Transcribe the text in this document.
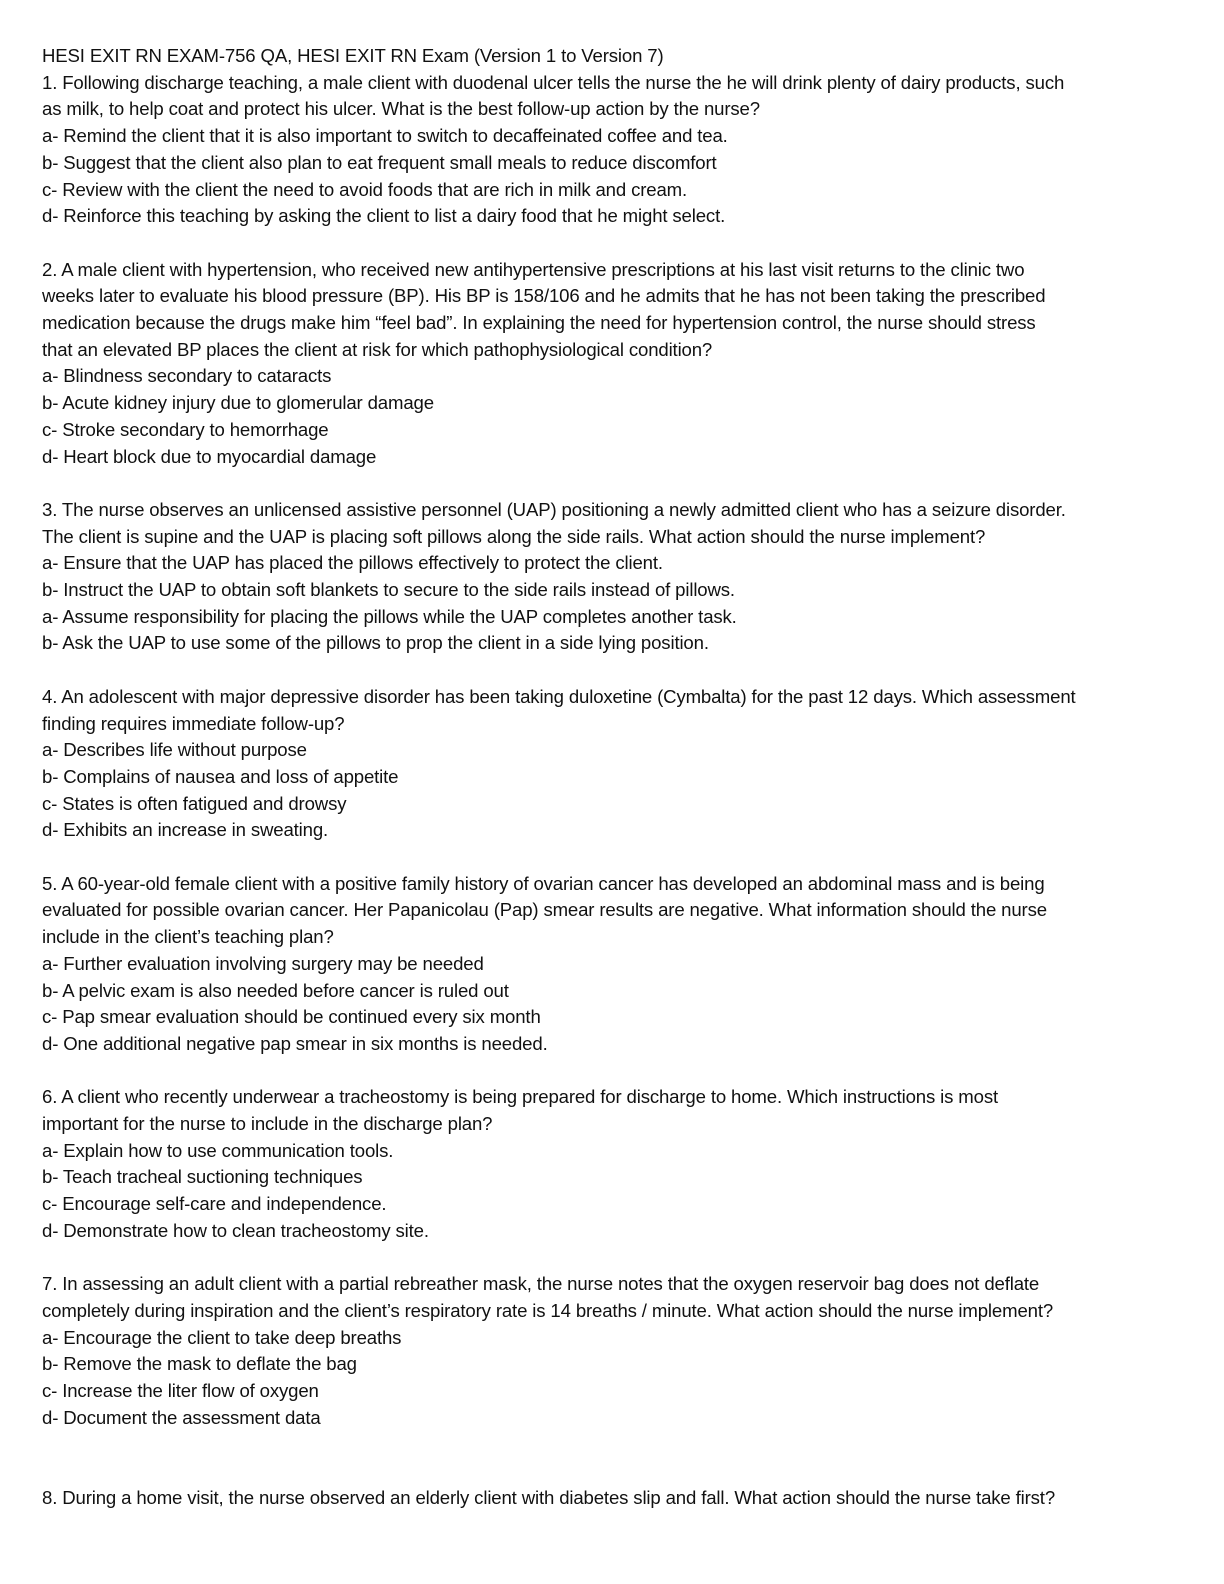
HESI EXIT RN EXAM-756 QA, HESI EXIT RN Exam (Version 1 to Version 7)
1. Following discharge teaching, a male client with duodenal ulcer tells the nurse the he will drink plenty of dairy products, such
as milk, to help coat and protect his ulcer. What is the best follow-up action by the nurse?
a- Remind the client that it is also important to switch to decaffeinated coffee and tea.
b- Suggest that the client also plan to eat frequent small meals to reduce discomfort
c- Review with the client the need to avoid foods that are rich in milk and cream.
d- Reinforce this teaching by asking the client to list a dairy food that he might select.
2. A male client with hypertension, who received new antihypertensive prescriptions at his last visit returns to the clinic two
weeks later to evaluate his blood pressure (BP). His BP is 158/106 and he admits that he has not been taking the prescribed
medication because the drugs make him “feel bad”. In explaining the need for hypertension control, the nurse should stress
that an elevated BP places the client at risk for which pathophysiological condition?
a- Blindness secondary to cataracts
b- Acute kidney injury due to glomerular damage
c- Stroke secondary to hemorrhage
d- Heart block due to myocardial damage
3. The nurse observes an unlicensed assistive personnel (UAP) positioning a newly admitted client who has a seizure disorder.
The client is supine and the UAP is placing soft pillows along the side rails. What action should the nurse implement?
a- Ensure that the UAP has placed the pillows effectively to protect the client.
b- Instruct the UAP to obtain soft blankets to secure to the side rails instead of pillows.
a- Assume responsibility for placing the pillows while the UAP completes another task.
b- Ask the UAP to use some of the pillows to prop the client in a side lying position.
4. An adolescent with major depressive disorder has been taking duloxetine (Cymbalta) for the past 12 days. Which assessment
finding requires immediate follow-up?
a- Describes life without purpose
b- Complains of nausea and loss of appetite
c- States is often fatigued and drowsy
d- Exhibits an increase in sweating.
5. A 60-year-old female client with a positive family history of ovarian cancer has developed an abdominal mass and is being
evaluated for possible ovarian cancer. Her Papanicolau (Pap) smear results are negative. What information should the nurse
include in the client’s teaching plan?
a- Further evaluation involving surgery may be needed
b- A pelvic exam is also needed before cancer is ruled out
c- Pap smear evaluation should be continued every six month
d- One additional negative pap smear in six months is needed.
6. A client who recently underwear a tracheostomy is being prepared for discharge to home. Which instructions is most
important for the nurse to include in the discharge plan?
a- Explain how to use communication tools.
b- Teach tracheal suctioning techniques
c- Encourage self-care and independence.
d- Demonstrate how to clean tracheostomy site.
7. In assessing an adult client with a partial rebreather mask, the nurse notes that the oxygen reservoir bag does not deflate
completely during inspiration and the client’s respiratory rate is 14 breaths / minute. What action should the nurse implement?
a- Encourage the client to take deep breaths
b- Remove the mask to deflate the bag
c- Increase the liter flow of oxygen
d- Document the assessment data
8. During a home visit, the nurse observed an elderly client with diabetes slip and fall. What action should the nurse take first?
